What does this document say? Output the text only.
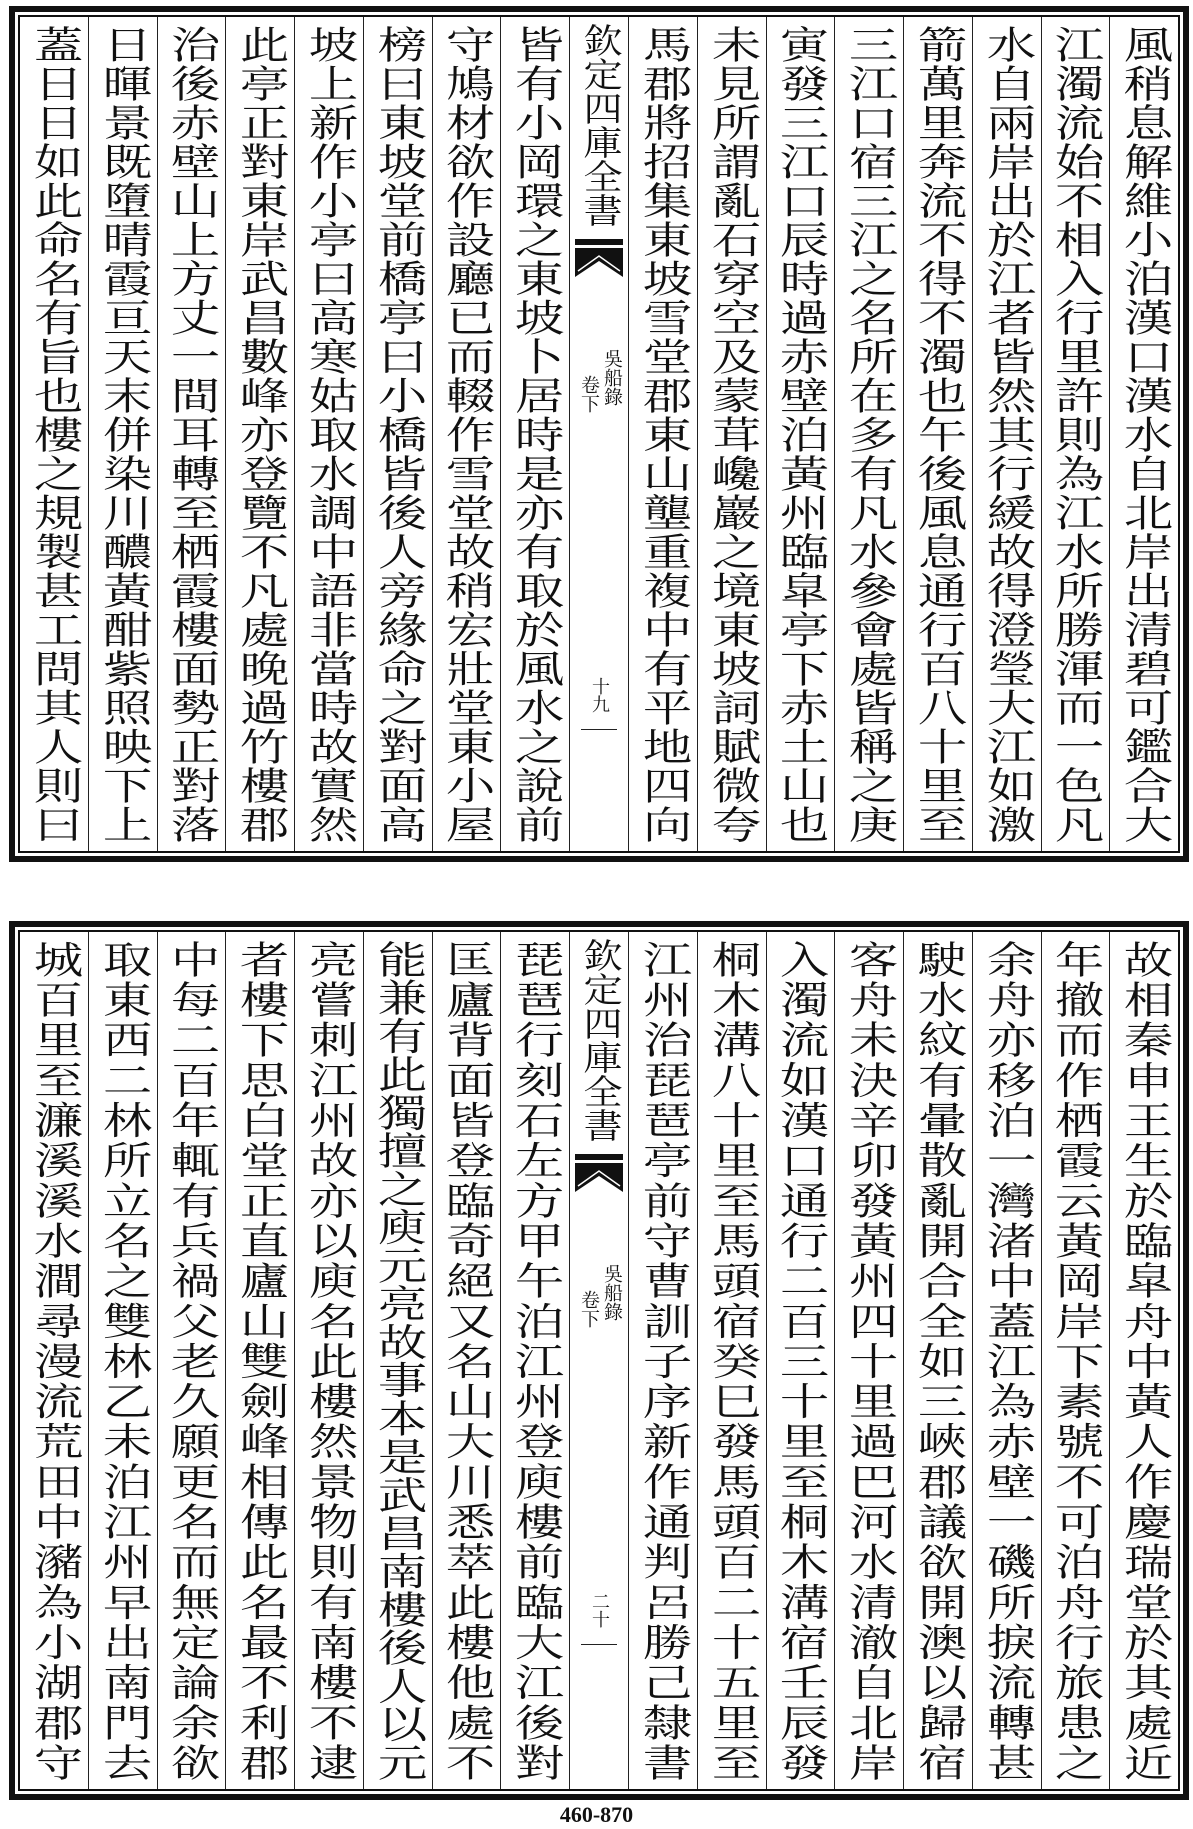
風稍息解維小泊漢口漢水自北岸出清碧可鑑合大
江濁流始不相入行里許則為江水所勝渾而一色凡
水自兩岸出於江者皆然其行緩故得澄瑩大江如激
箭萬里奔流不得不濁也午後風息通行百八十里至
三江口宿三江之名所在多有凡水參會處皆稱之庚
寅發三江口辰時過赤壁泊黃州臨皐亭下赤土山也
未見所謂亂石穿空及蒙茸巉巖之境東坡詞賦微夸
馬郡將招集東坡雪堂郡東山壟重複中有平地四向
欽定四庫全書
吳船錄
卷下
十九
皆有小岡環之東坡卜居時是亦有取於風水之說前
守鳩材欲作設廳已而輟作雪堂故稍宏壯堂東小屋
榜曰東坡堂前橋亭曰小橋皆後人旁緣命之對面高
坡上新作小亭曰高寒姑取水調中語非當時故實然
此亭正對東岸武昌數峰亦登覽不凡處晚過竹樓郡
治後赤壁山上方丈一間耳轉至栖霞樓面勢正對落
日暉景既墮晴霞亘天末併染川醲黃酣紫照映下上
蓋日日如此命名有旨也樓之規製甚工問其人則曰
故相秦申王生於臨皐舟中黃人作慶瑞堂於其處近
年撤而作栖霞云黃岡岸下素號不可泊舟行旅患之
余舟亦移泊一灣渚中蓋江為赤壁一磯所捩流轉甚
駛水紋有暈散亂開合全如三峽郡議欲開澳以歸宿
客舟未決辛卯發黃州四十里過巴河水清澈自北岸
入濁流如漢口通行二百三十里至桐木溝宿壬辰發
桐木溝八十里至馬頭宿癸巳發馬頭百二十五里至
江州治琵琶亭前守曹訓子序新作通判呂勝己隸書
欽定四庫全書
吳船錄
卷下
二十
琵琶行刻石左方甲午泊江州登庾樓前臨大江後對
匡廬背面皆登臨奇絕又名山大川悉萃此樓他處不
能兼有此獨擅之庾元亮故事本是武昌南樓後人以元
亮嘗刺江州故亦以庾名此樓然景物則有南樓不逮
者樓下思白堂正直廬山雙劍峰相傳此名最不利郡
中每二百年輒有兵禍父老久願更名而無定論余欲
取東西二林所立名之雙林乙未泊江州早出南門去
城百里至濂溪溪水澗尋漫流荒田中瀦為小湖郡守
460-870
